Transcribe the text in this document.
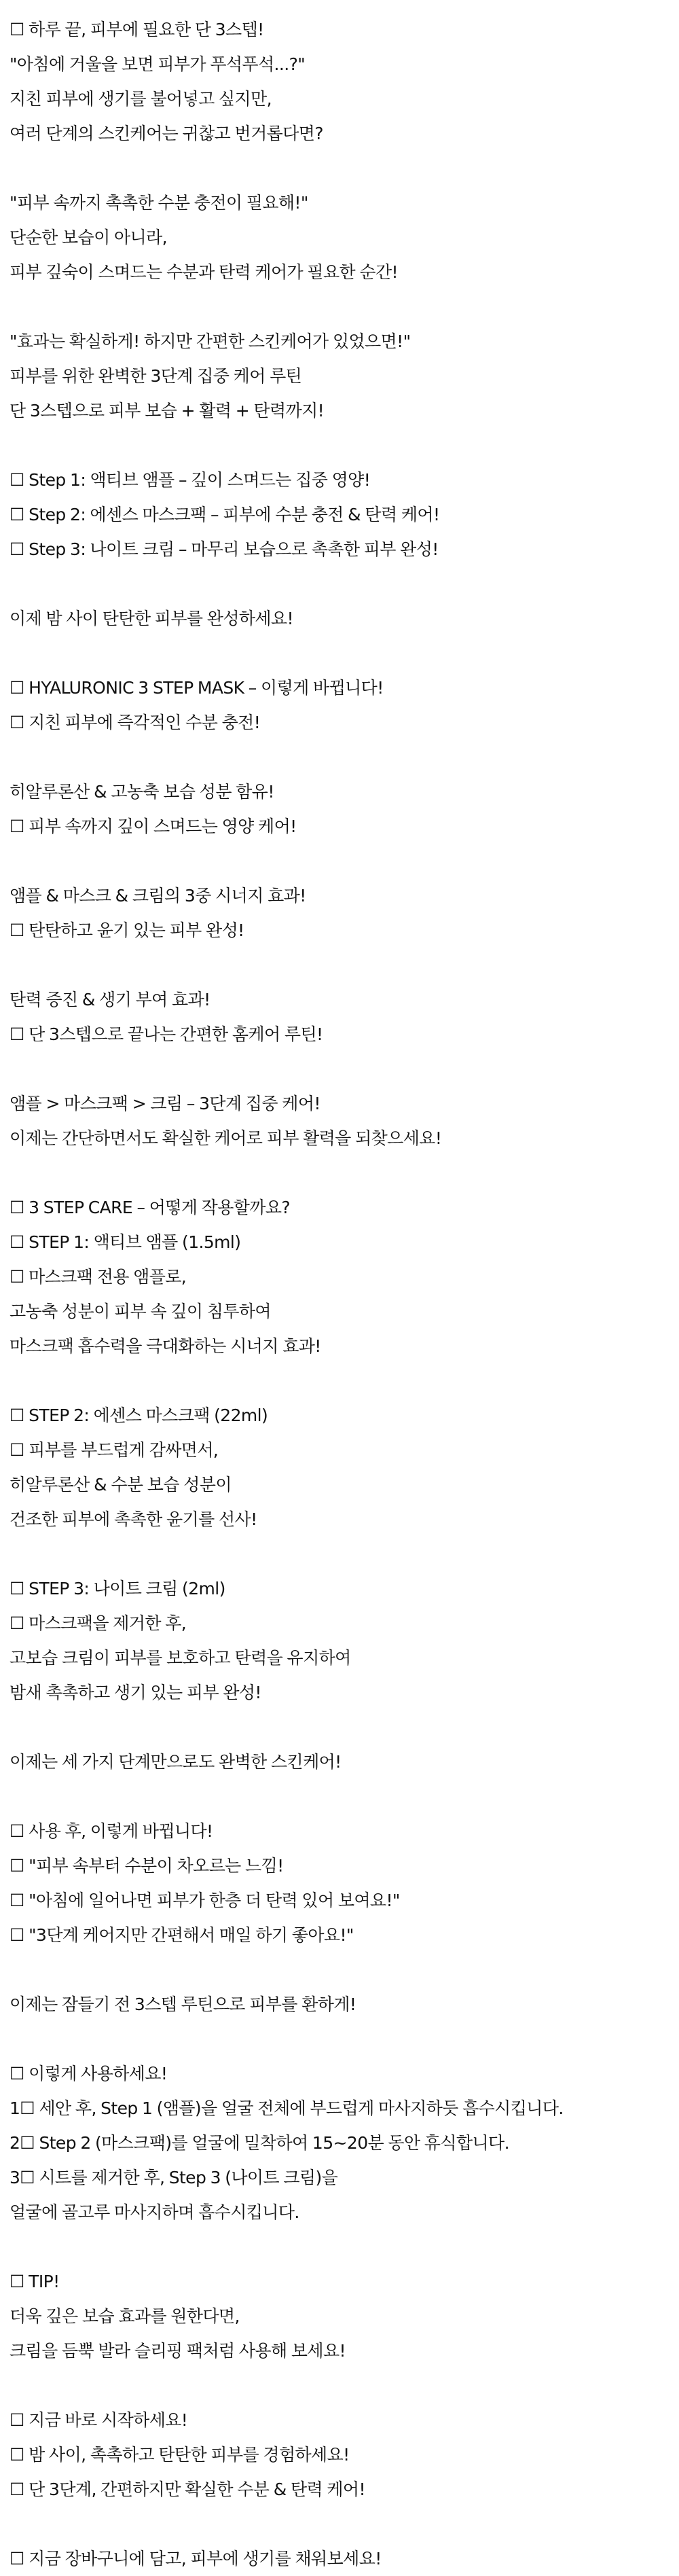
☐ 하루 끝, 피부에 필요한 단 3스텝!
"아침에 거울을 보면 피부가 푸석푸석...?"
지친 피부에 생기를 불어넣고 싶지만,
여러 단계의 스킨케어는 귀찮고 번거롭다면?
"피부 속까지 촉촉한 수분 충전이 필요해!"
단순한 보습이 아니라,
피부 깊숙이 스며드는 수분과 탄력 케어가 필요한 순간!
"효과는 확실하게! 하지만 간편한 스킨케어가 있었으면!"
피부를 위한 완벽한 3단계 집중 케어 루틴
단 3스텝으로 피부 보습 + 활력 + 탄력까지!
☐ Step 1: 액티브 앰플 – 깊이 스며드는 집중 영양!
☐ Step 2: 에센스 마스크팩 – 피부에 수분 충전 & 탄력 케어!
☐ Step 3: 나이트 크림 – 마무리 보습으로 촉촉한 피부 완성!
이제 밤 사이 탄탄한 피부를 완성하세요!
☐ HYALURONIC 3 STEP MASK – 이렇게 바뀝니다!
☐ 지친 피부에 즉각적인 수분 충전!
히알루론산 & 고농축 보습 성분 함유!
☐ 피부 속까지 깊이 스며드는 영양 케어!
앰플 & 마스크 & 크림의 3중 시너지 효과!
☐ 탄탄하고 윤기 있는 피부 완성!
탄력 증진 & 생기 부여 효과!
☐ 단 3스텝으로 끝나는 간편한 홈케어 루틴!
앰플 > 마스크팩 > 크림 – 3단계 집중 케어!
이제는 간단하면서도 확실한 케어로 피부 활력을 되찾으세요!
☐ 3 STEP CARE – 어떻게 작용할까요?
☐ STEP 1: 액티브 앰플 (1.5ml)
☐ 마스크팩 전용 앰플로,
고농축 성분이 피부 속 깊이 침투하여
마스크팩 흡수력을 극대화하는 시너지 효과!
☐ STEP 2: 에센스 마스크팩 (22ml)
☐ 피부를 부드럽게 감싸면서,
히알루론산 & 수분 보습 성분이
건조한 피부에 촉촉한 윤기를 선사!
☐ STEP 3: 나이트 크림 (2ml)
☐ 마스크팩을 제거한 후,
고보습 크림이 피부를 보호하고 탄력을 유지하여
밤새 촉촉하고 생기 있는 피부 완성!
이제는 세 가지 단계만으로도 완벽한 스킨케어!
☐ 사용 후, 이렇게 바뀝니다!
☐ "피부 속부터 수분이 차오르는 느낌!
☐ "아침에 일어나면 피부가 한층 더 탄력 있어 보여요!"
☐ "3단계 케어지만 간편해서 매일 하기 좋아요!"
이제는 잠들기 전 3스텝 루틴으로 피부를 환하게!
☐ 이렇게 사용하세요!
1☐ 세안 후, Step 1 (앰플)을 얼굴 전체에 부드럽게 마사지하듯 흡수시킵니다.
2☐ Step 2 (마스크팩)를 얼굴에 밀착하여 15~20분 동안 휴식합니다.
3☐ 시트를 제거한 후, Step 3 (나이트 크림)을
얼굴에 골고루 마사지하며 흡수시킵니다.
☐ TIP!
더욱 깊은 보습 효과를 원한다면,
크림을 듬뿍 발라 슬리핑 팩처럼 사용해 보세요!
☐ 지금 바로 시작하세요!
☐ 밤 사이, 촉촉하고 탄탄한 피부를 경험하세요!
☐ 단 3단계, 간편하지만 확실한 수분 & 탄력 케어!
☐ 지금 장바구니에 담고, 피부에 생기를 채워보세요!
